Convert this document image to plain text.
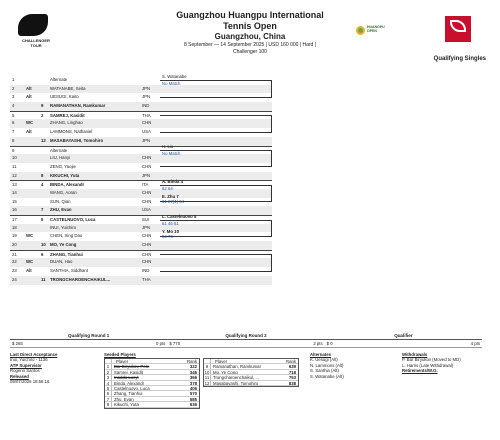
CHALLENGER TOUR
Guangzhou Huangpu International
Tennis Open
Guangzhou, China
8 September — 14 September 2025 | USD 160 000 | Hard |
Challenger 100
HUANGPU OPEN
Qualifying Singles
1	Alternate
2	Alt	WATANABE, Seita	JPN
3	Alt	UESUGI, Kaito	JPN
4	9	RAMANATHAN, Ramkumar	IND
5	2	SAMREJ, Kasidit	THA
6	WC	ZHANG, Linghao	CHN
7	Alt	LAMMONS, Nathaniel	USA
8	12 MASABAYASHI, Tomohiro	JPN
9	Alternate
10	LIU, Hanyi	CHN
11	ZENG, Yaojie	CHN
12	8	KIKUCHI, Yuta	JPN
13	4	BINDA, Alexandr	ITA
14	WANG, Aoran	CHN
15	SUN, Qian	CHN
16	7	ZHU, Evan	USA
17	5	CASTELNUOVO, Luca	SUI
18	INUI, Yuichiro	JPN
19	WC	CHEN, Xing Dao	CHN
20	10 MO, Ye Cong	CHN
21	6	ZHANG, Tianhui	CHN
22	WC	DUAN, Hao	CHN
23	Alt	SANTHIA, Siddhant	IND
24	11	TRONGCHAROENCHAIKUL...	THA
S. Watanabe
No Match
H. Liu
No Match
A. Binda 4
62 64
E. Zhu 7
61 67(4) 64
L. Castelnuovo 5
61 46 61
Y. Mo 10
64 76
Qualifying Round 1	Qualifying Round 2	Qualifier
$ 265	0 pts $ 770	2 pts $ 0	4 pts
Last Direct Acceptance
Inui, Yuichiro - 1136
ATP Supervisor
Rogerio Santos
Released
09/07/2025 18:56:16
Seeded Players
Player	Rank
1	Bar Biryukov, Pete	322
2	Samrej, Kasidit	346
3	Inadda Lucyt	366
4	Binda, Alexandr	378
5	Castelnuovo, Luca	406
6	Zhang, Tianhui	570
7	Zhu, Evan	585
8	Kikuchi, Yuta	636
Player	Rank
9	Ramanathan, Ramkumar	639
10 Mo, Ye Cong	718
11 Trongcharoenchaikul, ...	753
12 Masabayashi, Tomohiro	838
Alternates
K. Uesugi (Alt)
N. Lammons (Alt)
S. Santhia (Alt)
S. Watanabe (Alt)
Withdrawals
P. Bar Biryukov (Moved to MD)
L. Harris (Late Withdrawal)
Retirements/W.O.
